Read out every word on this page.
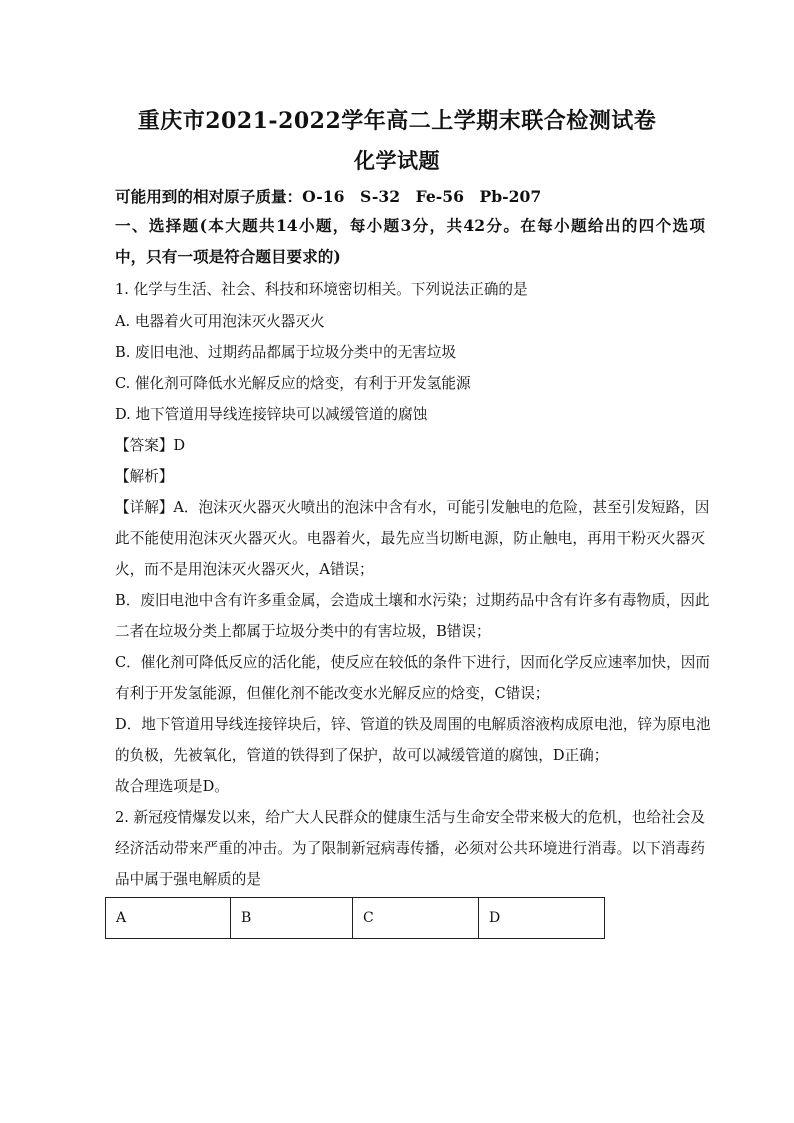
重庆市2021-2022学年高二上学期末联合检测试卷
化学试题
可能用到的相对原子质量：O-16　S-32　Fe-56　Pb-207
一、选择题(本大题共14小题，每小题3分，共42分。在每小题给出的四个选项
中，只有一项是符合题目要求的)
1. 化学与生活、社会、科技和环境密切相关。下列说法正确的是
A. 电器着火可用泡沫灭火器灭火
B. 废旧电池、过期药品都属于垃圾分类中的无害垃圾
C. 催化剂可降低水光解反应的焓变，有利于开发氢能源
D. 地下管道用导线连接锌块可以减缓管道的腐蚀
【答案】D
【解析】
【详解】A．泡沫灭火器灭火喷出的泡沫中含有水，可能引发触电的危险，甚至引发短路，因
此不能使用泡沫灭火器灭火。电器着火，最先应当切断电源，防止触电，再用干粉灭火器灭
火，而不是用泡沫灭火器灭火，A错误；
B．废旧电池中含有许多重金属，会造成土壤和水污染；过期药品中含有许多有毒物质，因此
二者在垃圾分类上都属于垃圾分类中的有害垃圾，B错误；
C．催化剂可降低反应的活化能，使反应在较低的条件下进行，因而化学反应速率加快，因而
有利于开发氢能源，但催化剂不能改变水光解反应的焓变，C错误；
D．地下管道用导线连接锌块后，锌、管道的铁及周围的电解质溶液构成原电池，锌为原电池
的负极，先被氧化，管道的铁得到了保护，故可以减缓管道的腐蚀，D正确；
故合理选项是D。
2. 新冠疫情爆发以来，给广大人民群众的健康生活与生命安全带来极大的危机，也给社会及
经济活动带来严重的冲击。为了限制新冠病毒传播，必须对公共环境进行消毒。以下消毒药
品中属于强电解质的是
A	B	C	D
